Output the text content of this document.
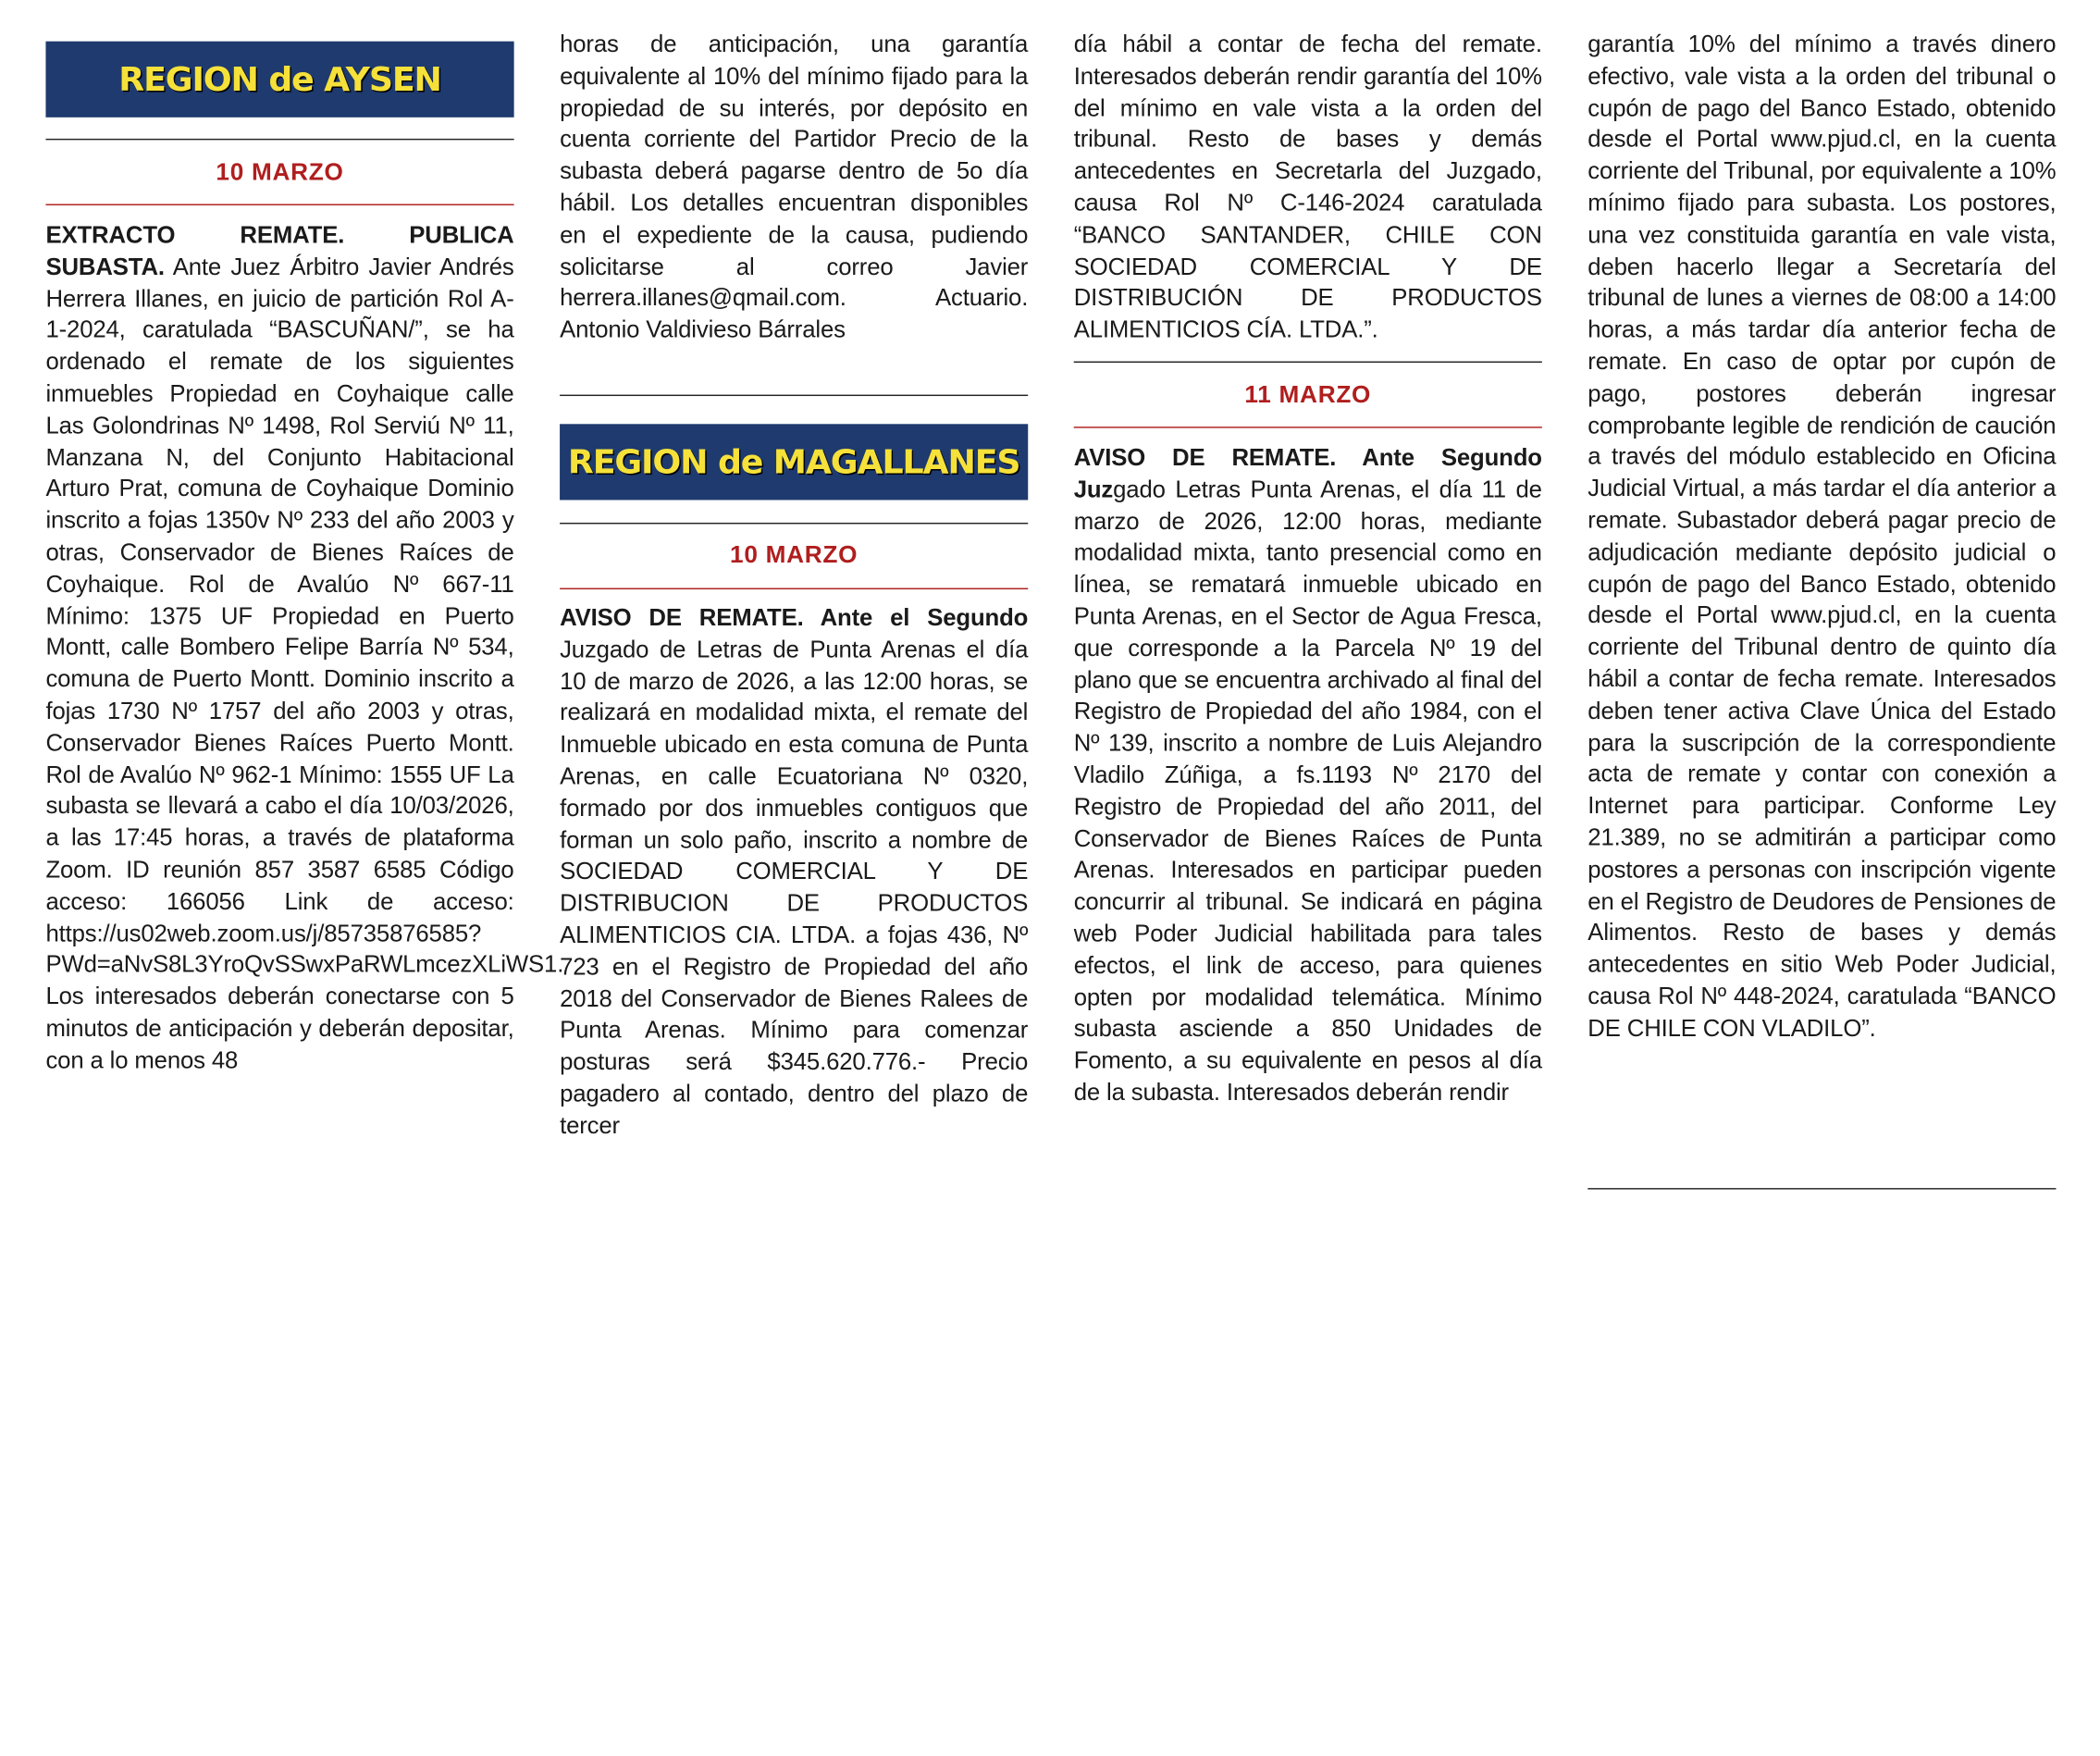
REGION de AYSEN
10 MARZO

EXTRACTO REMATE. PUBLICA SUBASTA. Ante Juez Árbitro Javier Andrés Herrera Illanes, en juicio de partición Rol A-1-2024, caratulada “BASCUÑAN/”, se ha ordenado el remate de los siguientes inmuebles Propiedad en Coyhaique calle Las Golondrinas Nº 1498, Rol Serviú Nº 11, Manzana N, del Conjunto Habitacional Arturo Prat, comuna de Coyhaique Dominio inscrito a fojas 1350v Nº 233 del año 2003 y otras, Conservador de Bienes Raíces de Coyhaique. Rol de Avalúo Nº 667-11 Mínimo: 1375 UF Propiedad en Puerto Montt, calle Bombero Felipe Barría Nº 534, comuna de Puerto Montt. Dominio inscrito a fojas 1730 Nº 1757 del año 2003 y otras, Conservador Bienes Raíces Puerto Montt. Rol de Avalúo Nº 962-1 Mínimo: 1555 UF La subasta se llevará a cabo el día 10/03/2026, a las 17:45 horas, a través de plataforma Zoom. ID reunión 857 3587 6585 Código acceso: 166056 Link de acceso: https://us02web.zoom.us/j/85735876585?PWd=aNvS8L3YroQvSSwxPaRWLmcezXLiWS1. Los interesados deberán conectarse con 5 minutos de anticipación y deberán depositar, con a lo menos 48

horas de anticipación, una garantía equivalente al 10% del mínimo fijado para la propiedad de su interés, por depósito en cuenta corriente del Partidor Precio de la subasta deberá pagarse dentro de 5o día hábil. Los detalles encuentran disponibles en el expediente de la causa, pudiendo solicitarse al correo Javier herrera.illanes@qmail.com. Actuario. Antonio Valdivieso Bárrales

REGION de MAGALLANES
10 MARZO

AVISO DE REMATE. Ante el Segundo Juzgado de Letras de Punta Arenas el día 10 de marzo de 2026, a las 12:00 horas, se realizará en modalidad mixta, el remate del Inmueble ubicado en esta comuna de Punta Arenas, en calle Ecuatoriana Nº 0320, formado por dos inmuebles contiguos que forman un solo paño, inscrito a nombre de SOCIEDAD COMERCIAL Y DE DISTRIBUCION DE PRODUCTOS ALIMENTICIOS CIA. LTDA. a fojas 436, Nº 723 en el Registro de Propiedad del año 2018 del Conservador de Bienes Ralees de Punta Arenas. Mínimo para comenzar posturas será $345.620.776.- Precio pagadero al contado, dentro del plazo de tercer

día hábil a contar de fecha del remate. Interesados deberán rendir garantía del 10% del mínimo en vale vista a la orden del tribunal. Resto de bases y demás antecedentes en Secretarla del Juzgado, causa Rol Nº C-146-2024 caratulada “BANCO SANTANDER, CHILE CON SOCIEDAD COMERCIAL Y DE DISTRIBUCIÓN DE PRODUCTOS ALIMENTICIOS CÍA. LTDA.”.

11 MARZO

AVISO DE REMATE. Ante Segundo Juzgado Letras Punta Arenas, el día 11 de marzo de 2026, 12:00 horas, mediante modalidad mixta, tanto presencial como en línea, se rematará inmueble ubicado en Punta Arenas, en el Sector de Agua Fresca, que corresponde a la Parcela Nº 19 del plano que se encuentra archivado al final del Registro de Propiedad del año 1984, con el Nº 139, inscrito a nombre de Luis Alejandro Vladilo Zúñiga, a fs.1193 Nº 2170 del Registro de Propiedad del año 2011, del Conservador de Bienes Raíces de Punta Arenas. Interesados en participar pueden concurrir al tribunal. Se indicará en página web Poder Judicial habilitada para tales efectos, el link de acceso, para quienes opten por modalidad telemática. Mínimo subasta asciende a 850 Unidades de Fomento, a su equivalente en pesos al día de la subasta. Interesados deberán rendir

garantía 10% del mínimo a través dinero efectivo, vale vista a la orden del tribunal o cupón de pago del Banco Estado, obtenido desde el Portal www.pjud.cl, en la cuenta corriente del Tribunal, por equivalente a 10% mínimo fijado para subasta. Los postores, una vez constituida garantía en vale vista, deben hacerlo llegar a Secretaría del tribunal de lunes a viernes de 08:00 a 14:00 horas, a más tardar día anterior fecha de remate. En caso de optar por cupón de pago, postores deberán ingresar comprobante legible de rendición de caución a través del módulo establecido en Oficina Judicial Virtual, a más tardar el día anterior a remate. Subastador deberá pagar precio de adjudicación mediante depósito judicial o cupón de pago del Banco Estado, obtenido desde el Portal www.pjud.cl, en la cuenta corriente del Tribunal dentro de quinto día hábil a contar de fecha remate. Interesados deben tener activa Clave Única del Estado para la suscripción de la correspondiente acta de remate y contar con conexión a Internet para participar. Conforme Ley 21.389, no se admitirán a participar como postores a personas con inscripción vigente en el Registro de Deudores de Pensiones de Alimentos. Resto de bases y demás antecedentes en sitio Web Poder Judicial, causa Rol Nº 448-2024, caratulada “BANCO DE CHILE CON VLADILO”.
